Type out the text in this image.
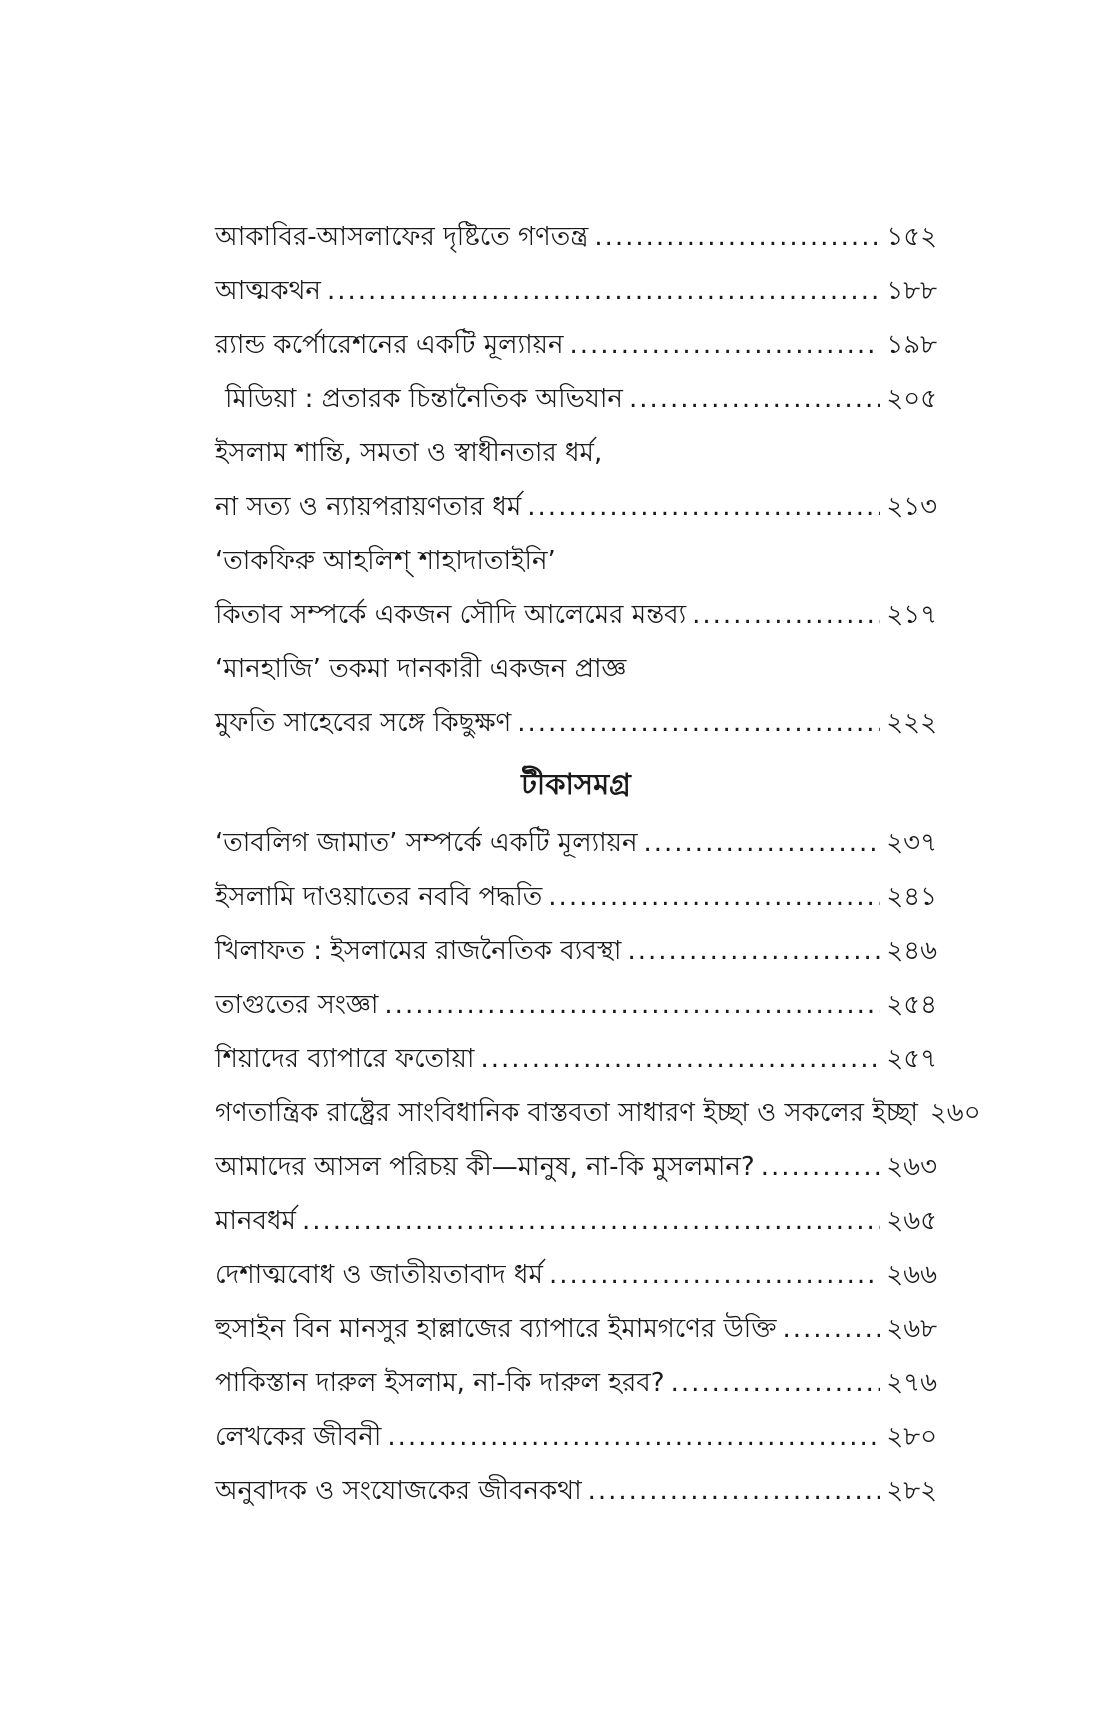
আকাবির-আসলাফের দৃষ্টিতে গণতন্ত্র .....	১৫২
আত্মকথন .....	১৮৮
র‍্যান্ড কর্পোরেশনের একটি মূল্যায়ন .....	১৯৮
মিডিয়া : প্রতারক চিন্তানৈতিক অভিযান .....	২০৫
ইসলাম শান্তি, সমতা ও স্বাধীনতার ধর্ম,
না সত্য ও ন্যায়পরায়ণতার ধর্ম .....	২১৩
‘তাকফিরু আহলিশ্ শাহাদাতাইনি’
কিতাব সম্পর্কে একজন সৌদি আলেমের মন্তব্য .....	২১৭
‘মানহাজি’ তকমা দানকারী একজন প্রাজ্ঞ
মুফতি সাহেবের সঙ্গে কিছুক্ষণ .....	২২২
টীকাসমগ্র
‘তাবলিগ জামাত’ সম্পর্কে একটি মূল্যায়ন .....	২৩৭
ইসলামি দাওয়াতের নববি পদ্ধতি .....	২৪১
খিলাফত : ইসলামের রাজনৈতিক ব্যবস্থা .....	২৪৬
তাগুতের সংজ্ঞা .....	২৫৪
শিয়াদের ব্যাপারে ফতোয়া .....	২৫৭
গণতান্ত্রিক রাষ্ট্রের সাংবিধানিক বাস্তবতা সাধারণ ইচ্ছা ও সকলের ইচ্ছা ২৬০
আমাদের আসল পরিচয় কী—মানুষ, না-কি মুসলমান? .....	২৬৩
মানবধর্ম .....	২৬৫
দেশাত্মবোধ ও জাতীয়তাবাদ ধর্ম .....	২৬৬
হুসাইন বিন মানসুর হাল্লাজের ব্যাপারে ইমামগণের উক্তি .....	২৬৮
পাকিস্তান দারুল ইসলাম, না-কি দারুল হরব? .....	২৭৬
লেখকের জীবনী .....	২৮০
অনুবাদক ও সংযোজকের জীবনকথা .....	২৮২
